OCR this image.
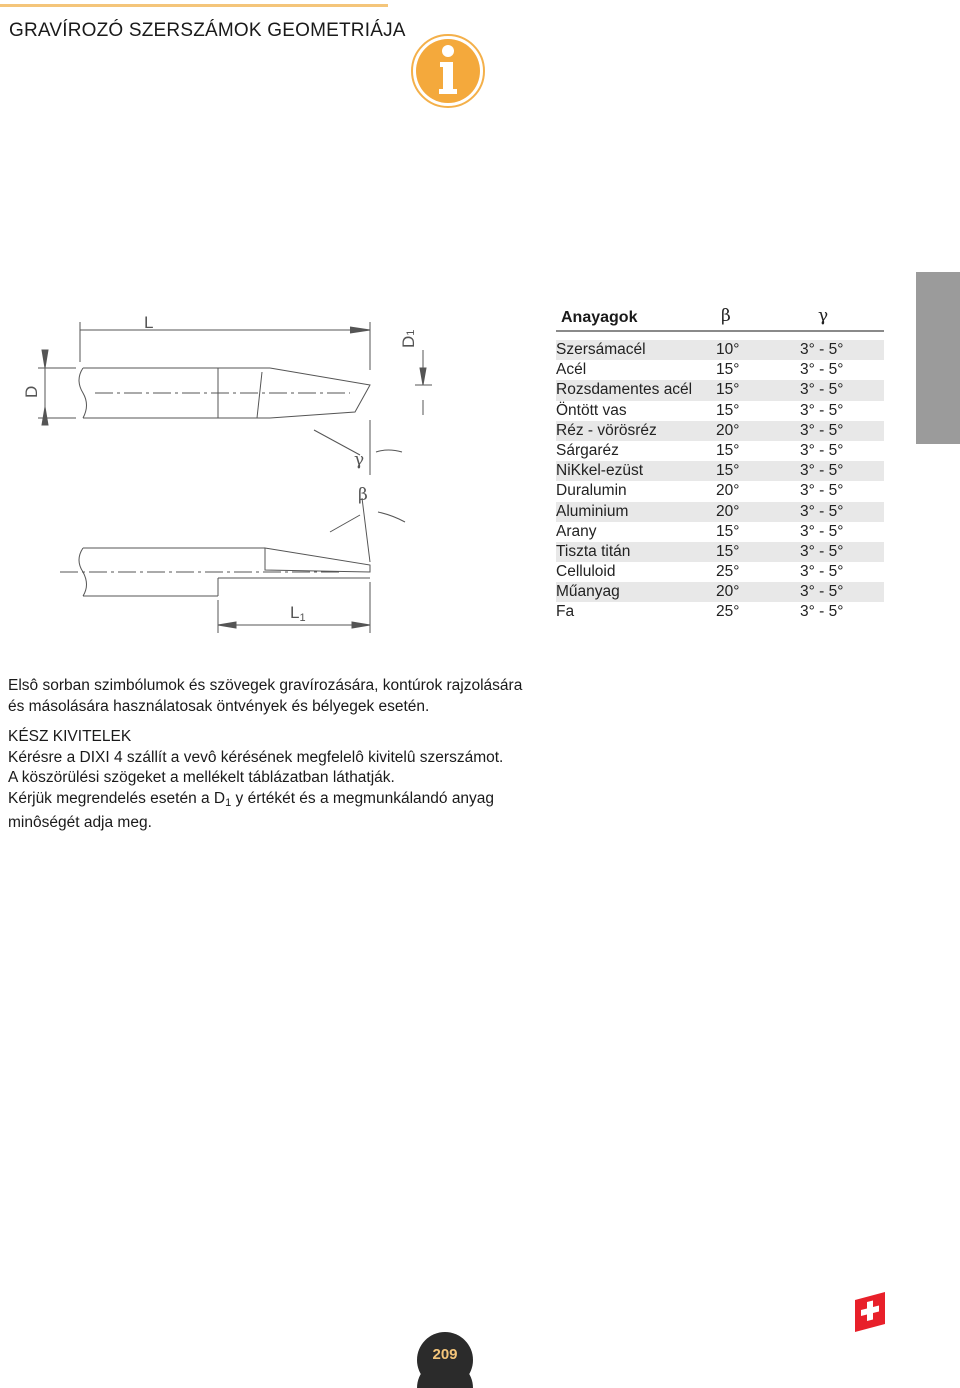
GRAVÍROZÓ SZERSZÁMOK GEOMETRIÁJA
L
D
D1
γ
β
L1
Anayagok	β	γ
Szersámacél	10°	3° - 5°
Acél	15°	3° - 5°
Rozsdamentes acél 15°	3° - 5°
Öntött vas	15°	3° - 5°
Réz - vörösréz	20°	3° - 5°
Sárgaréz	15°	3° - 5°
NiKkel-ezüst	15°	3° - 5°
Duralumin	20°	3° - 5°
Aluminium	20°	3° - 5°
Arany	15°	3° - 5°
Tiszta titán	15°	3° - 5°
Celluloid	25°	3° - 5°
Műanyag	20°	3° - 5°
Fa	25°	3° - 5°

Elsô sorban szimbólumok és szövegek gravírozására, kontúrok rajzolására

és másolására használatosak öntvények és bélyegek esetén.

KÉSZ KIVITELEK

Kérésre a DIXI 4 szállít a vevô kérésének megfelelô kivitelû szerszámot.

A köszörülési szögeket a mellékelt táblázatban láthatják.

Kérjük megrendelés esetén a $D_1$ y értékét és a megmunkálandó anyag

minôségét adja meg.

209
